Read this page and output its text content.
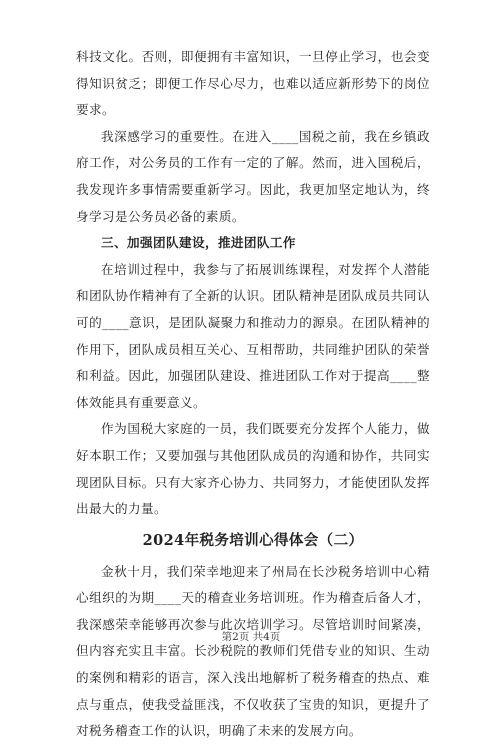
科技文化。否则，即便拥有丰富知识，一旦停止学习，也会变得知识贫乏；即便工作尽心尽力，也难以适应新形势下的岗位要求。

我深感学习的重要性。在进入____国税之前，我在乡镇政府工作，对公务员的工作有一定的了解。然而，进入国税后，我发现许多事情需要重新学习。因此，我更加坚定地认为，终身学习是公务员必备的素质。

三、加强团队建设，推进团队工作

在培训过程中，我参与了拓展训练课程，对发挥个人潜能和团队协作精神有了全新的认识。团队精神是团队成员共同认可的____意识，是团队凝聚力和推动力的源泉。在团队精神的作用下，团队成员相互关心、互相帮助，共同维护团队的荣誉和利益。因此，加强团队建设、推进团队工作对于提高____整体效能具有重要意义。

作为国税大家庭的一员，我们既要充分发挥个人能力，做好本职工作；又要加强与其他团队成员的沟通和协作，共同实现团队目标。只有大家齐心协力、共同努力，才能使团队发挥出最大的力量。

2024年税务培训心得体会（二）

金秋十月，我们荣幸地迎来了州局在长沙税务培训中心精心组织的为期____天的稽查业务培训班。作为稽查后备人才，我深感荣幸能够再次参与此次培训学习。尽管培训时间紧凑，但内容充实且丰富。长沙税院的教师们凭借专业的知识、生动的案例和精彩的语言，深入浅出地解析了税务稽查的热点、难点与重点，使我受益匪浅，不仅收获了宝贵的知识，更提升了对税务稽查工作的认识，明确了未来的发展方向。

第2页 共4页
